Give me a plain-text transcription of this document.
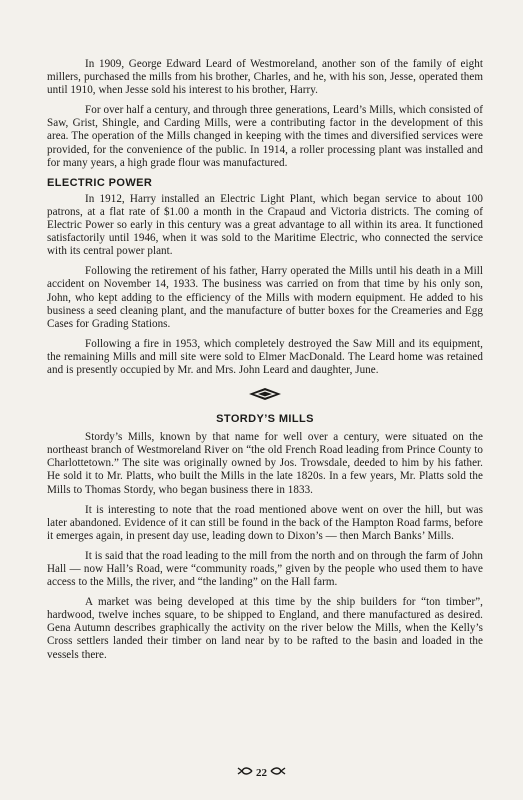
In 1909, George Edward Leard of Westmoreland, another son of the family of eight millers, purchased the mills from his brother, Charles, and he, with his son, Jesse, operated them until 1910, when Jesse sold his interest to his brother, Harry.

For over half a century, and through three generations, Leard’s Mills, which consisted of Saw, Grist, Shingle, and Carding Mills, were a contributing factor in the development of this area. The operation of the Mills changed in keeping with the times and diversified services were provided, for the convenience of the public. In 1914, a roller processing plant was installed and for many years, a high grade flour was manufactured.

ELECTRIC POWER

In 1912, Harry installed an Electric Light Plant, which began service to about 100 patrons, at a flat rate of $1.00 a month in the Crapaud and Victoria districts. The coming of Electric Power so early in this century was a great advantage to all within its area. It functioned satisfactorily until 1946, when it was sold to the Maritime Electric, who connected the service with its central power plant.

Following the retirement of his father, Harry operated the Mills until his death in a Mill accident on November 14, 1933. The business was carried on from that time by his only son, John, who kept adding to the efficiency of the Mills with modern equipment. He added to his business a seed cleaning plant, and the manufacture of butter boxes for the Creameries and Egg Cases for Grading Stations.

Following a fire in 1953, which completely destroyed the Saw Mill and its equipment, the remaining Mills and mill site were sold to Elmer MacDonald. The Leard home was retained and is presently occupied by Mr. and Mrs. John Leard and daughter, June.

STORDY’S MILLS

Stordy’s Mills, known by that name for well over a century, were situated on the northeast branch of Westmoreland River on “the old French Road leading from Prince County to Charlottetown.” The site was originally owned by Jos. Trowsdale, deeded to him by his father. He sold it to Mr. Platts, who built the Mills in the late 1820s. In a few years, Mr. Platts sold the Mills to Thomas Stordy, who began business there in 1833.

It is interesting to note that the road mentioned above went on over the hill, but was later abandoned. Evidence of it can still be found in the back of the Hampton Road farms, before it emerges again, in present day use, leading down to Dixon’s — then March Banks’ Mills.

It is said that the road leading to the mill from the north and on through the farm of John Hall — now Hall’s Road, were “community roads,” given by the people who used them to have access to the Mills, the river, and “the landing” on the Hall farm.

A market was being developed at this time by the ship builders for “ton timber”, hardwood, twelve inches square, to be shipped to England, and there manufactured as desired. Gena Autumn describes graphically the activity on the river below the Mills, when the Kelly’s Cross settlers landed their timber on land near by to be rafted to the basin and loaded in the vessels there.

22
